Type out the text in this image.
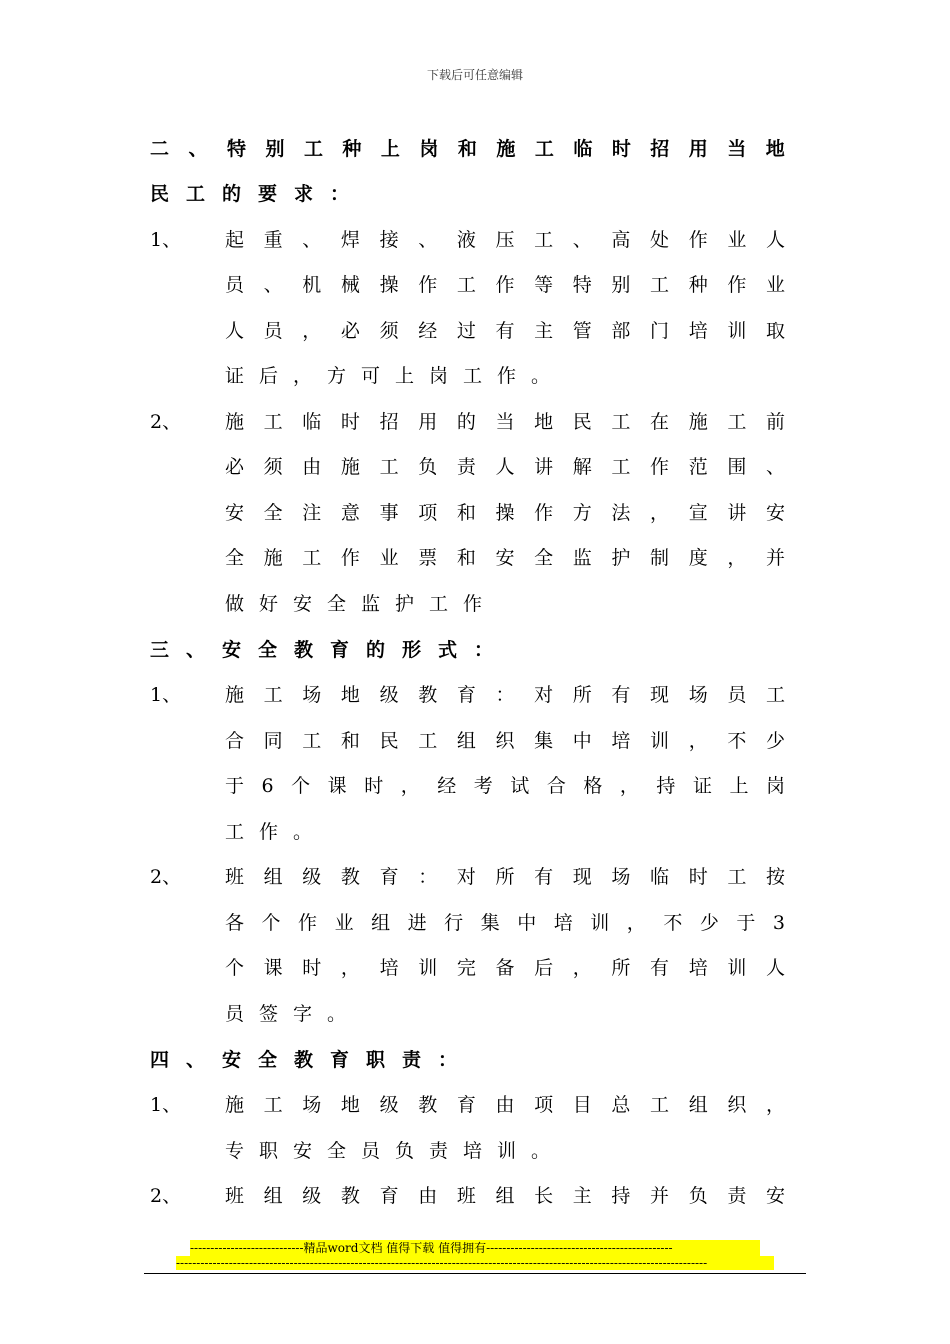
下载后可任意编辑
二 、 特 别 工 种 上 岗 和 施 工 临 时 招 用 当 地
民工的要求：
1、 起重、焊接、液压工、高处作业人
员、机械操作工作等特别工种作业
人员，必须经过有主管部门培训取
证后，方可上岗工作。
2、 施工临时招用的当地民工在施工前
必须由施工负责人讲解工作范围、
安全注意事项和操作方法，宣讲安
全施工作业票和安全监护制度，并
做好安全监护工作
三、安全教育的形式：
1、 施工场地级教育：对所有现场员工
合同工和民工组织集中培训，不少
于6个课时，经考试合格，持证上岗
工作。
2、 班组级教育：对所有现场临时工按
各个作业组进行集中培训，不少于3
个课时，培训完备后，所有培训人
员签字。
四、安全教育职责：
1、 施工场地级教育由项目总工组织，
专职安全员负责培训。
2、 班组级教育由班组长主持并负责安
----------------------------精品word文档 值得下载 值得拥有----------------------------------------------
-----------------------------------------------------------------------------------------------------------------------------------
